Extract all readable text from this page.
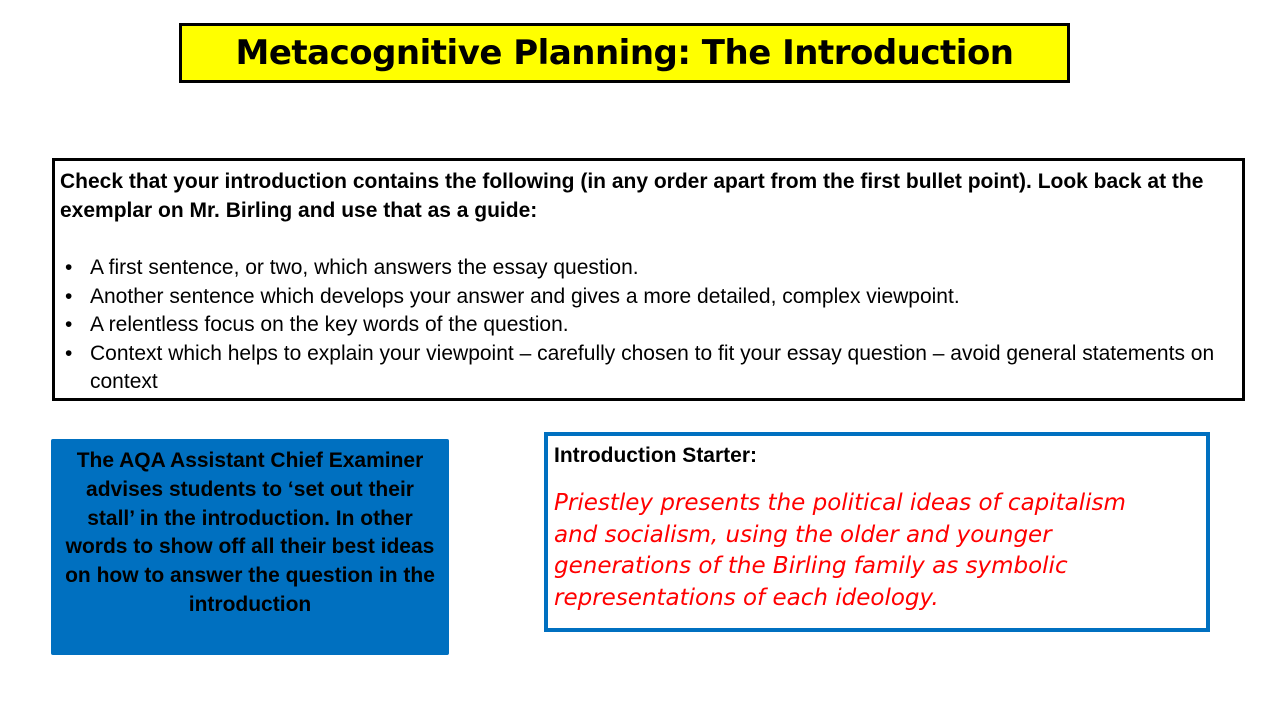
Metacognitive Planning: The Introduction
Check that your introduction contains the following (in any order apart from the first bullet point). Look back at the exemplar on Mr. Birling and use that as a guide:
• A first sentence, or two, which answers the essay question.
• Another sentence which develops your answer and gives a more detailed, complex viewpoint.
• A relentless focus on the key words of the question.
• Context which helps to explain your viewpoint – carefully chosen to fit your essay question – avoid general statements on context
The AQA Assistant Chief Examiner advises students to ‘set out their stall’ in the introduction. In other words to show off all their best ideas on how to answer the question in the introduction
Introduction Starter:
Priestley presents the political ideas of capitalism and socialism, using the older and younger generations of the Birling family as symbolic representations of each ideology.
